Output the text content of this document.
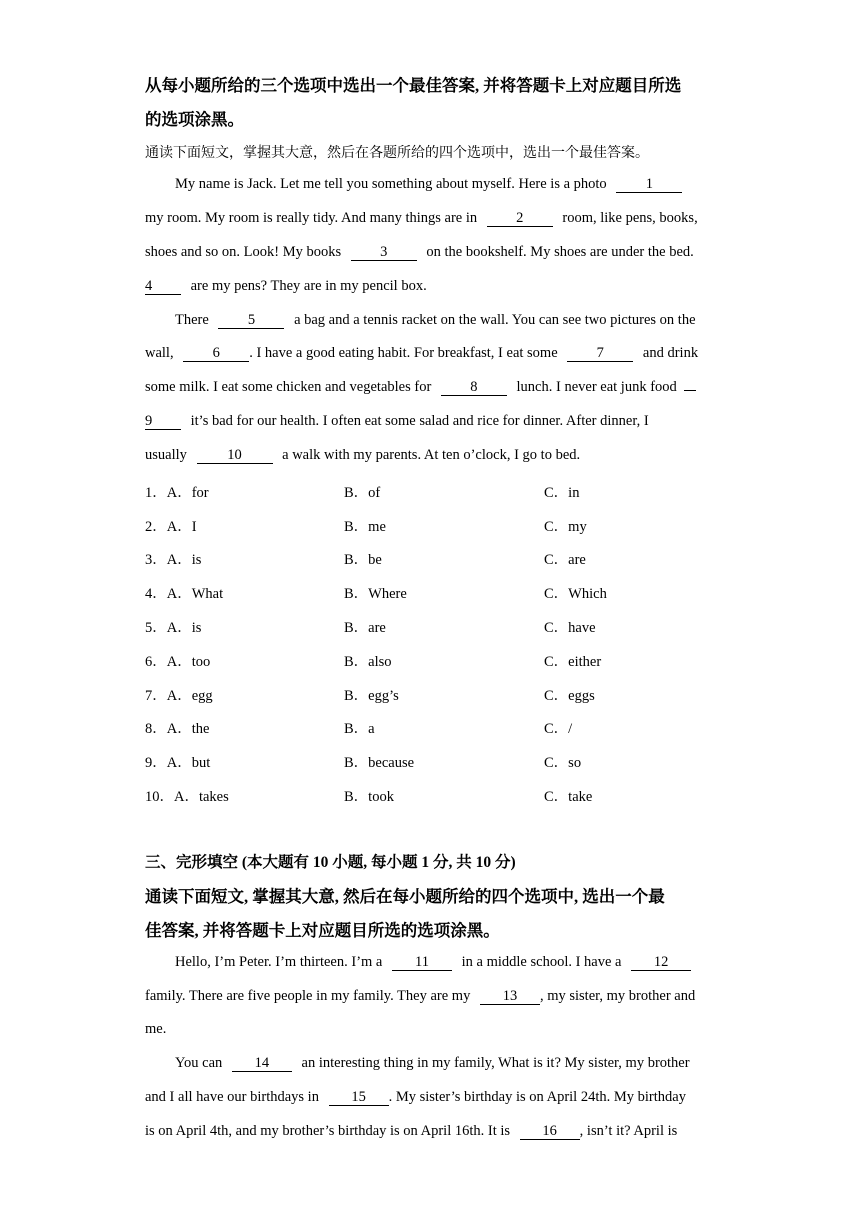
从每小题所给的三个选项中选出一个最佳答案, 并将答题卡上对应题目所选
的选项涂黑。
通读下面短文，掌握其大意，然后在各题所给的四个选项中，选出一个最佳答案。
My name is Jack. Let me tell you something about myself. Here is a photo	1
my room. My room is really tidy. And many things are in	2	room, like pens, books,
shoes and so on. Look! My books	3	on the bookshelf. My shoes are under the bed.
4	are my pens? They are in my pencil box.
There	5	a bag and a tennis racket on the wall. You can see two pictures on the
wall,	6 . I have a good eating habit. For breakfast, I eat some	7	and drink
some milk. I eat some chicken and vegetables for	8	lunch. I never eat junk food
9	it’s bad for our health. I often eat some salad and rice for dinner. After dinner, I
usually	10	a walk with my parents. At ten o’clock, I go to bed.
1．A．for	B．of	C．in
2．A．I	B．me	C．my
3．A．is	B．be	C．are
4．A．What	B．Where	C．Which
5．A．is	B．are	C．have
6．A．too	B．also	C．either
7．A．egg	B．egg’s	C．eggs
8．A．the	B．a	C．/
9．A．but	B．because	C．so
10．A．takes	B．took	C．take
三、完形填空 (本大题有 10 小题, 每小题 1 分, 共 10 分)
通读下面短文, 掌握其大意, 然后在每小题所给的四个选项中, 选出一个最
佳答案, 并将答题卡上对应题目所选的选项涂黑。
Hello, I’m Peter. I’m thirteen. I’m a 11 in a middle school. I have a 12
family. There are five people in my family. They are my 13 , my sister, my brother and
me.
You can 14 an interesting thing in my family, What is it? My sister, my brother
and I all have our birthdays in 15 . My sister’s birthday is on April 24th. My birthday
is on April 4th, and my brother’s birthday is on April 16th. It is 16 , isn’t it? April is
